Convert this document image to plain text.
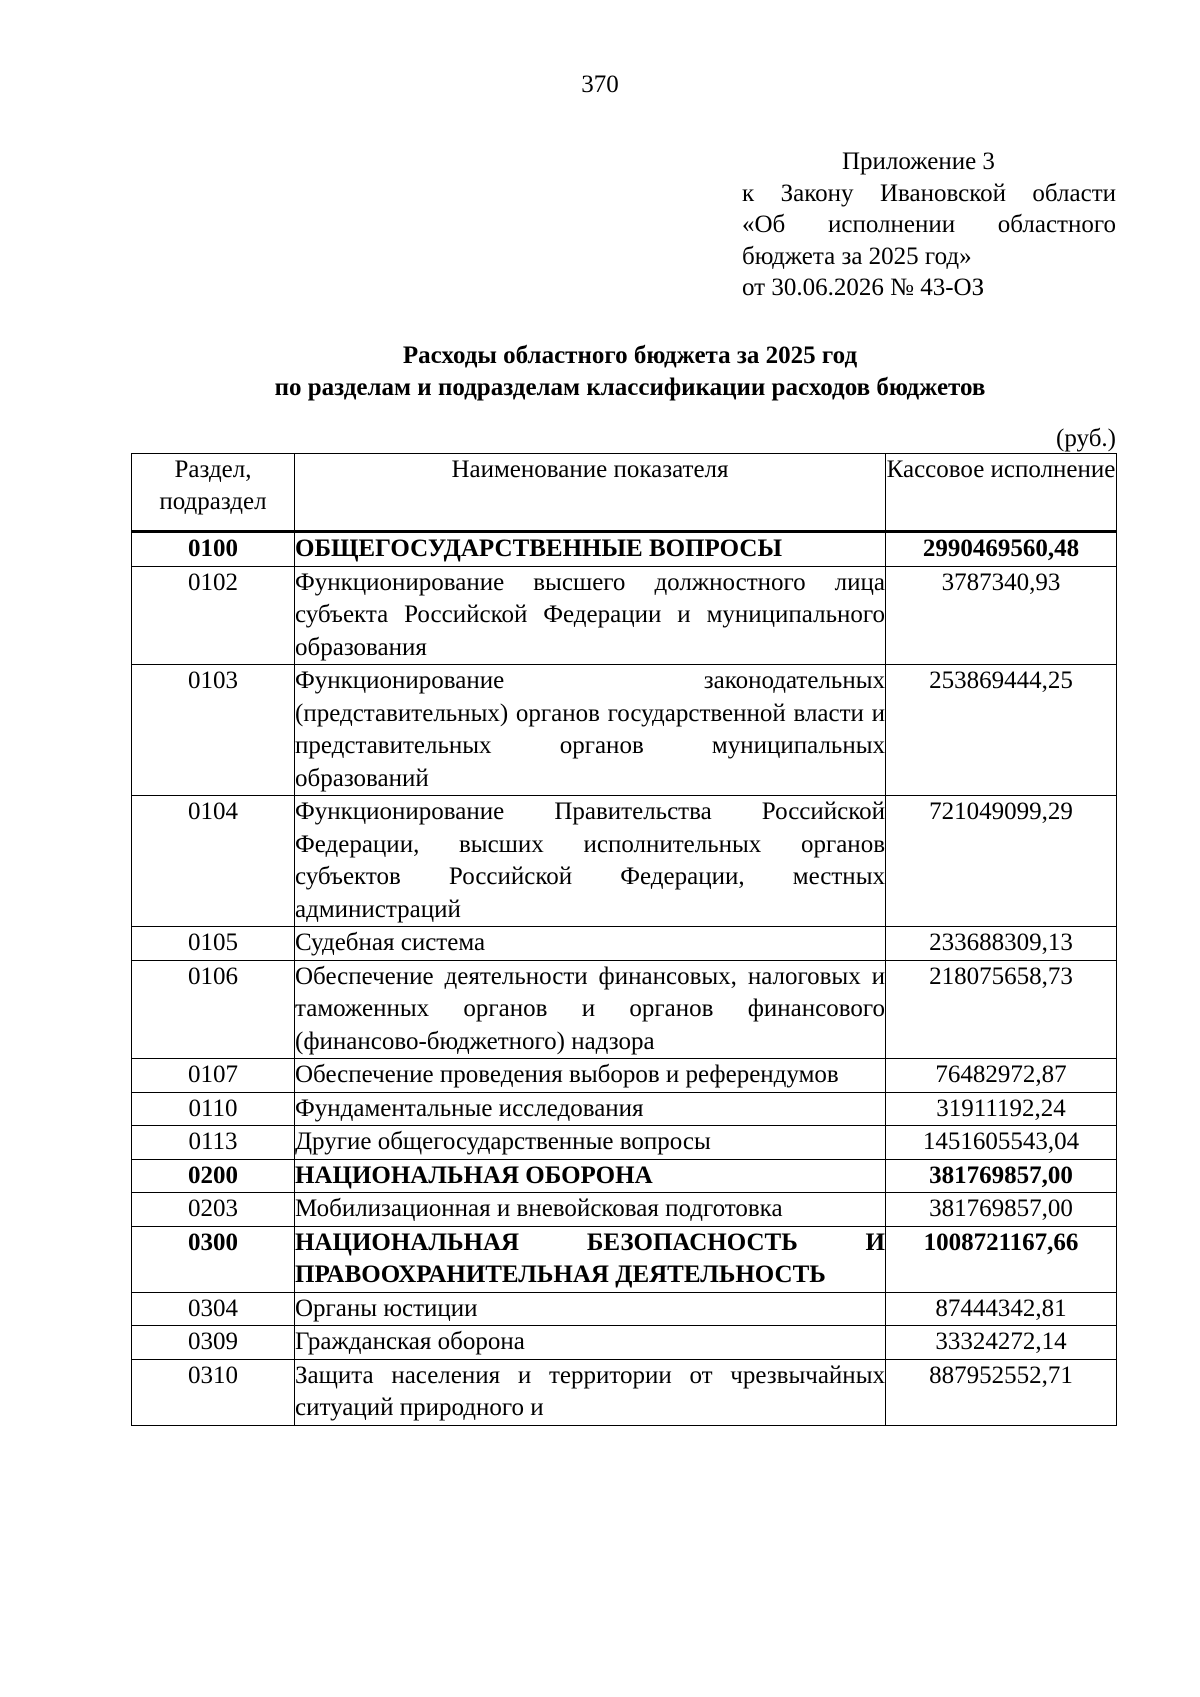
370
Приложение 3
к Закону Ивановской области
«Об исполнении областного
бюджета за 2025 год»
от 30.06.2026 № 43-ОЗ
Расходы областного бюджета за 2025 год
по разделам и подразделам классификации расходов бюджетов
(руб.)
Раздел, подраздел	Наименование показателя	Кассовое исполнение
0100	ОБЩЕГОСУДАРСТВЕННЫЕ ВОПРОСЫ	2990469560,48
0102	Функционирование высшего должностного лица субъекта Российской Федерации и муниципального образования	3787340,93
0103	Функционирование законодательных (представительных) органов государственной власти и представительных органов муниципальных образований	253869444,25
0104	Функционирование Правительства Российской Федерации, высших исполнительных органов субъектов Российской Федерации, местных администраций	721049099,29
0105	Судебная система	233688309,13
0106	Обеспечение деятельности финансовых, налоговых и таможенных органов и органов финансового (финансово-бюджетного) надзора	218075658,73
0107	Обеспечение проведения выборов и референдумов	76482972,87
0110	Фундаментальные исследования	31911192,24
0113	Другие общегосударственные вопросы	1451605543,04
0200	НАЦИОНАЛЬНАЯ ОБОРОНА	381769857,00
0203	Мобилизационная и вневойсковая подготовка	381769857,00
0300	НАЦИОНАЛЬНАЯ БЕЗОПАСНОСТЬ И ПРАВООХРАНИТЕЛЬНАЯ ДЕЯТЕЛЬНОСТЬ	1008721167,66
0304	Органы юстиции	87444342,81
0309	Гражданская оборона	33324272,14
0310	Защита населения и территории от чрезвычайных ситуаций природного и	887952552,71
